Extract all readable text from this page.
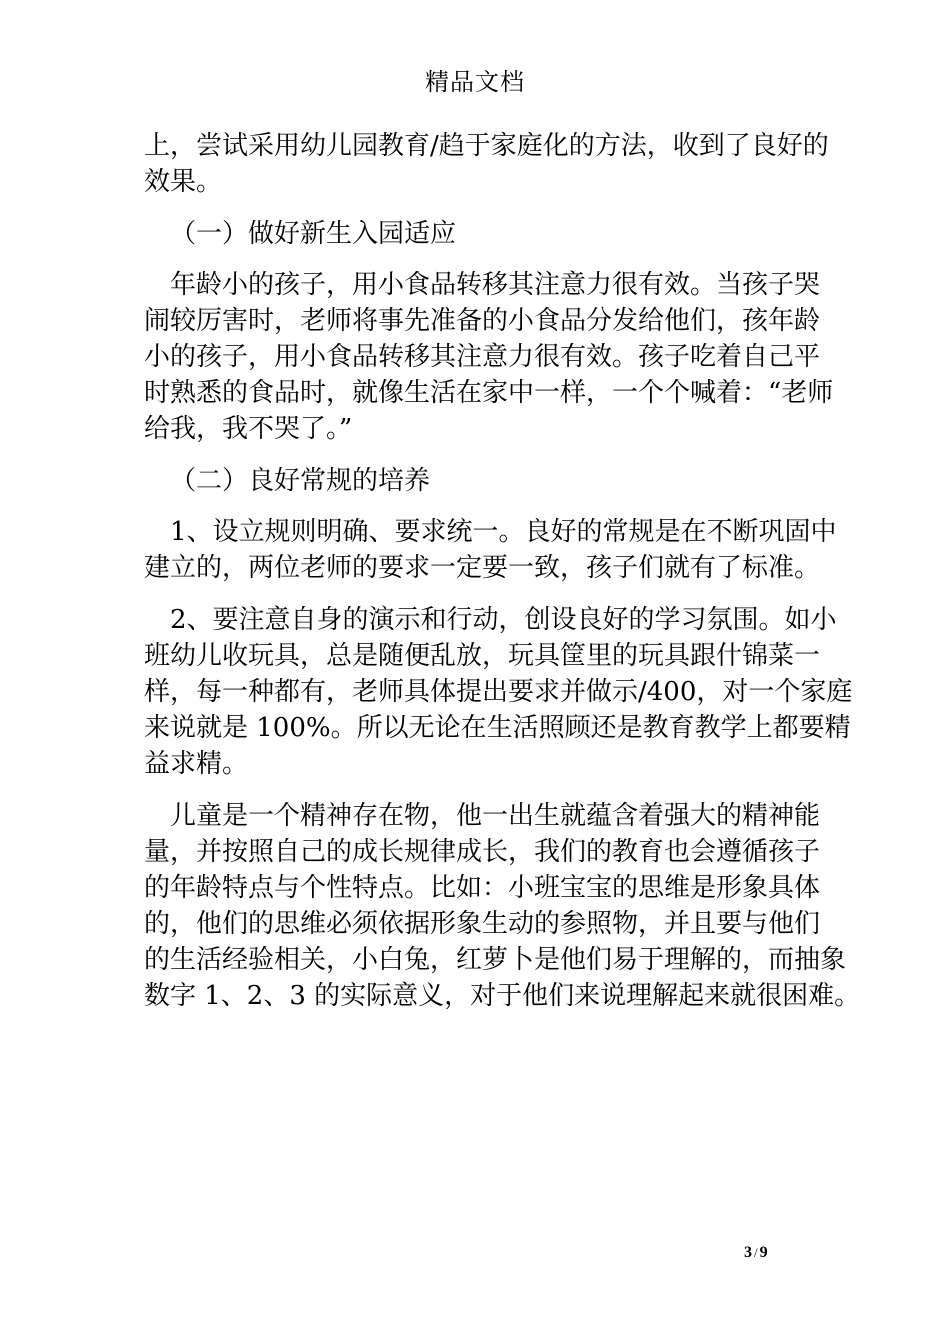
精品文档
上，尝试采用幼儿园教育/趋于家庭化的方法，收到了良好的
效果。
（一）做好新生入园适应
年龄小的孩子，用小食品转移其注意力很有效。当孩子哭
闹较厉害时，老师将事先准备的小食品分发给他们，孩年龄
小的孩子，用小食品转移其注意力很有效。孩子吃着自己平
时熟悉的食品时，就像生活在家中一样，一个个喊着：“老师
给我，我不哭了。”
（二）良好常规的培养
1、设立规则明确、要求统一。良好的常规是在不断巩固中
建立的，两位老师的要求一定要一致，孩子们就有了标准。
2、要注意自身的演示和行动，创设良好的学习氛围。如小
班幼儿收玩具，总是随便乱放，玩具筐里的玩具跟什锦菜一
样，每一种都有，老师具体提出要求并做示/400，对一个家庭
来说就是 100%。所以无论在生活照顾还是教育教学上都要精
益求精。
儿童是一个精神存在物，他一出生就蕴含着强大的精神能
量，并按照自己的成长规律成长，我们的教育也会遵循孩子
的年龄特点与个性特点。比如：小班宝宝的思维是形象具体
的，他们的思维必须依据形象生动的参照物，并且要与他们
的生活经验相关，小白兔，红萝卜是他们易于理解的，而抽象
数字 1、2、3 的实际意义，对于他们来说理解起来就很困难。
3 / 9
